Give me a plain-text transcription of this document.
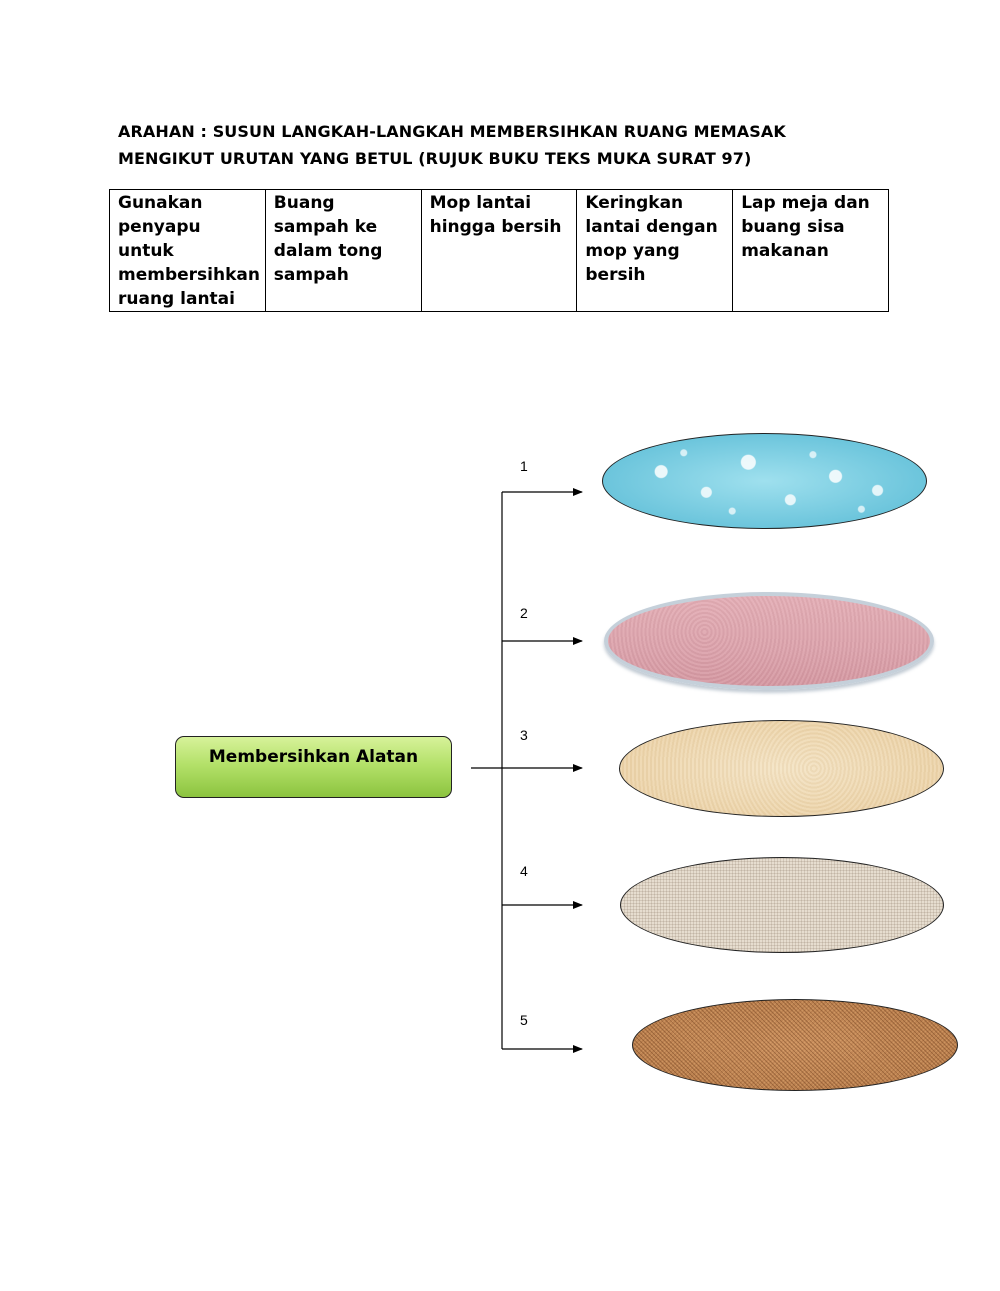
ARAHAN : SUSUN LANGKAH-LANGKAH MEMBERSIHKAN RUANG MEMASAK
MENGIKUT URUTAN YANG BETUL (RUJUK BUKU TEKS MUKA SURAT 97)
Gunakan penyapu untuk membersihkan ruang lantai	Buang sampah ke dalam tong sampah	Mop lantai hingga bersih	Keringkan lantai dengan mop yang bersih	Lap meja dan buang sisa makanan
1
2
3
4
5
Membersihkan Alatan
